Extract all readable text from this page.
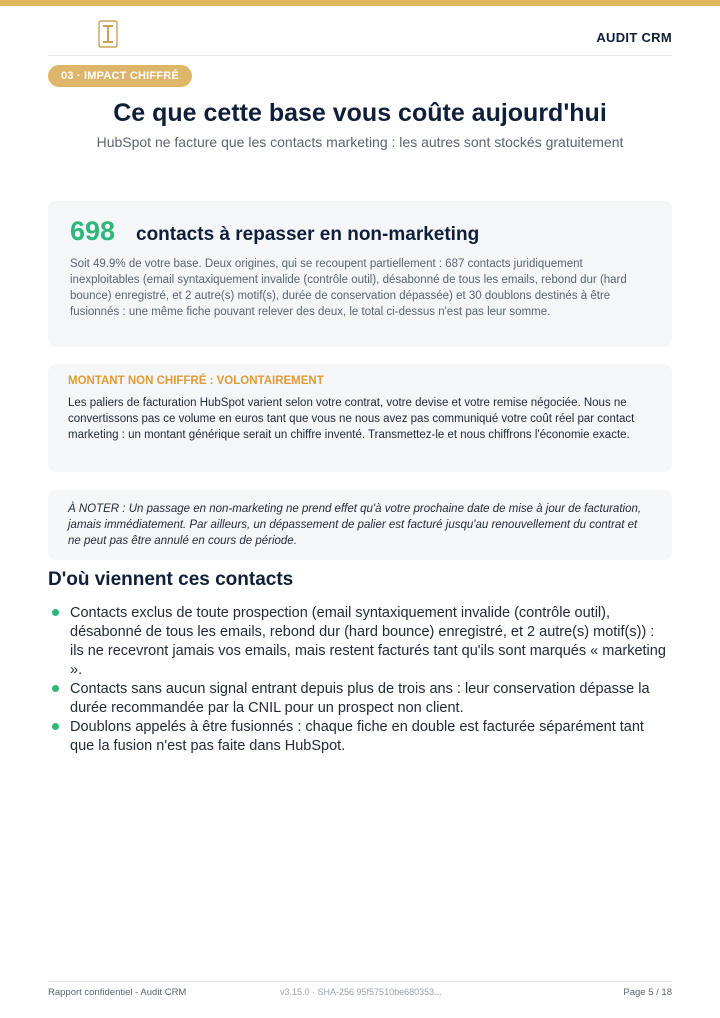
AUDIT CRM
03 · IMPACT CHIFFRÉ
Ce que cette base vous coûte aujourd'hui
HubSpot ne facture que les contacts marketing : les autres sont stockés gratuitement
698 contacts à repasser en non-marketing

Soit 49.9% de votre base. Deux origines, qui se recoupent partiellement : 687 contacts juridiquement inexploitables (email syntaxiquement invalide (contrôle outil), désabonné de tous les emails, rebond dur (hard bounce) enregistré, et 2 autre(s) motif(s), durée de conservation dépassée) et 30 doublons destinés à être fusionnés : une même fiche pouvant relever des deux, le total ci-dessus n'est pas leur somme.

MONTANT NON CHIFFRÉ : VOLONTAIREMENT

Les paliers de facturation HubSpot varient selon votre contrat, votre devise et votre remise négociée. Nous ne convertissons pas ce volume en euros tant que vous ne nous avez pas communiqué votre coût réel par contact marketing : un montant générique serait un chiffre inventé. Transmettez-le et nous chiffrons l'économie exacte.

À NOTER : Un passage en non-marketing ne prend effet qu'à votre prochaine date de mise à jour de facturation, jamais immédiatement. Par ailleurs, un dépassement de palier est facturé jusqu'au renouvellement du contrat et ne peut pas être annulé en cours de période.

D'où viennent ces contacts
Contacts exclus de toute prospection (email syntaxiquement invalide (contrôle outil), désabonné de tous les emails, rebond dur (hard bounce) enregistré, et 2 autre(s) motif(s)) : ils ne recevront jamais vos emails, mais restent facturés tant qu'ils sont marqués « marketing ».
Contacts sans aucun signal entrant depuis plus de trois ans : leur conservation dépasse la durée recommandée par la CNIL pour un prospect non client.
Doublons appelés à être fusionnés : chaque fiche en double est facturée séparément tant que la fusion n'est pas faite dans HubSpot.
Rapport confidentiel - Audit CRM	v3.15.0 · SHA-256 95f57510be680353...	Page 5 / 18
